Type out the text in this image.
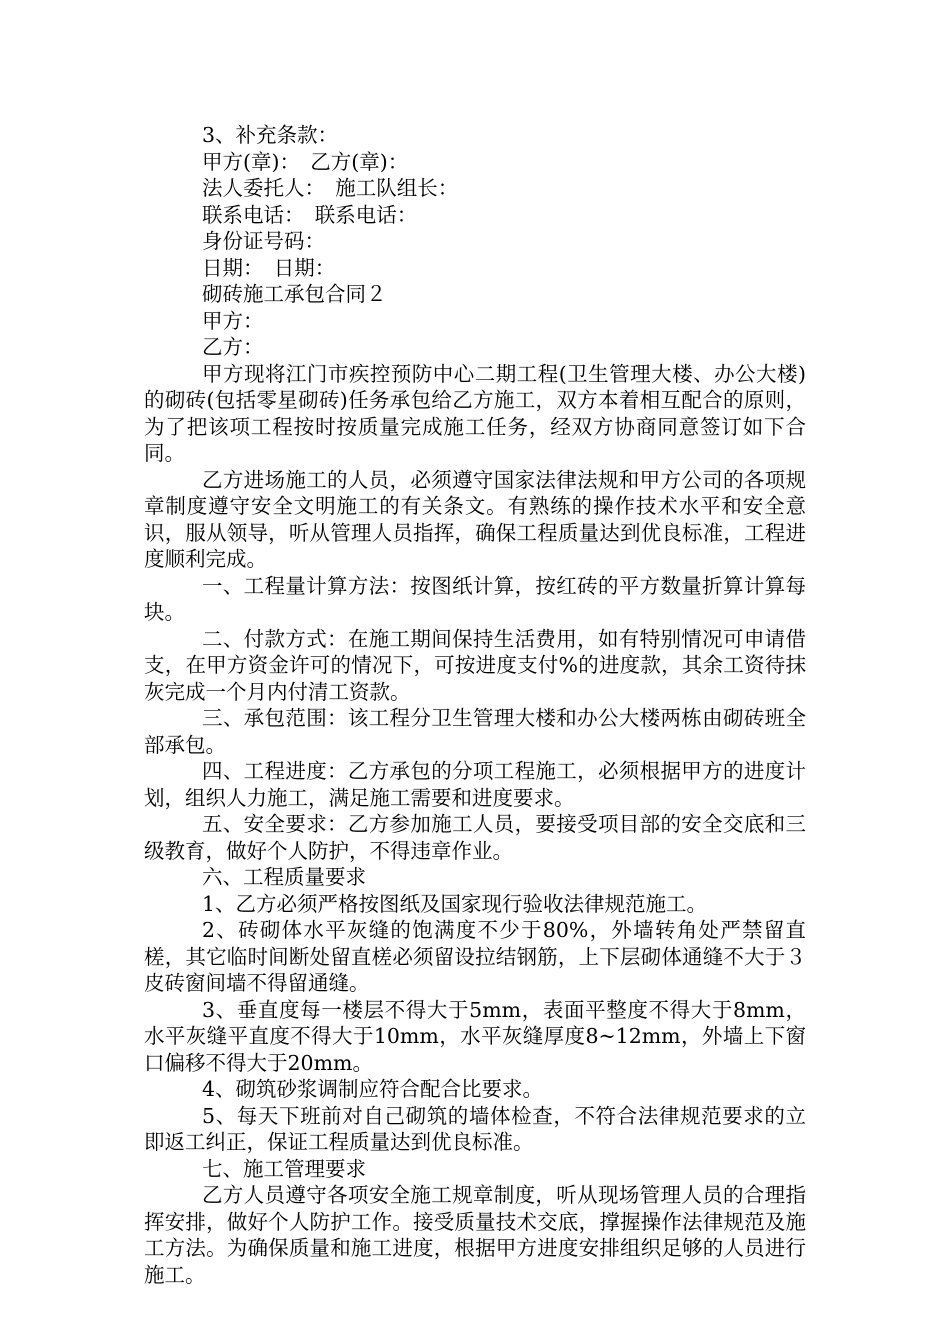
3、补充条款：
甲方(章)：　乙方(章)：
法人委托人：　施工队组长：
联系电话：　联系电话：
身份证号码：
日期：　日期：
砌砖施工承包合同２
甲方：
乙方：

甲方现将江门市疾控预防中心二期工程(卫生管理大楼、办公大楼)的砌砖(包括零星砌砖)任务承包给乙方施工，双方本着相互配合的原则，为了把该项工程按时按质量完成施工任务，经双方协商同意签订如下合同。

乙方进场施工的人员，必须遵守国家法律法规和甲方公司的各项规章制度遵守安全文明施工的有关条文。有熟练的操作技术水平和安全意识，服从领导，听从管理人员指挥，确保工程质量达到优良标准，工程进度顺利完成。

一、工程量计算方法：按图纸计算，按红砖的平方数量折算计算每块。

二、付款方式：在施工期间保持生活费用，如有特别情况可申请借支，在甲方资金许可的情况下，可按进度支付%的进度款，其余工资待抹灰完成一个月内付清工资款。

三、承包范围：该工程分卫生管理大楼和办公大楼两栋由砌砖班全部承包。

四、工程进度：乙方承包的分项工程施工，必须根据甲方的进度计划，组织人力施工，满足施工需要和进度要求。

五、安全要求：乙方参加施工人员，要接受项目部的安全交底和三级教育，做好个人防护，不得违章作业。

六、工程质量要求

1、乙方必须严格按图纸及国家现行验收法律规范施工。

2、砖砌体水平灰缝的饱满度不少于80%，外墙转角处严禁留直槎，其它临时间断处留直槎必须留设拉结钢筋，上下层砌体通缝不大于３皮砖窗间墙不得留通缝。

3、垂直度每一楼层不得大于5mm，表面平整度不得大于8mm，水平灰缝平直度不得大于10mm，水平灰缝厚度8~12mm，外墙上下窗口偏移不得大于20mm。

4、砌筑砂浆调制应符合配合比要求。

5、每天下班前对自己砌筑的墙体检查，不符合法律规范要求的立即返工纠正，保证工程质量达到优良标准。

七、施工管理要求

乙方人员遵守各项安全施工规章制度，听从现场管理人员的合理指挥安排，做好个人防护工作。接受质量技术交底，撑握操作法律规范及施工方法。为确保质量和施工进度，根据甲方进度安排组织足够的人员进行施工。
